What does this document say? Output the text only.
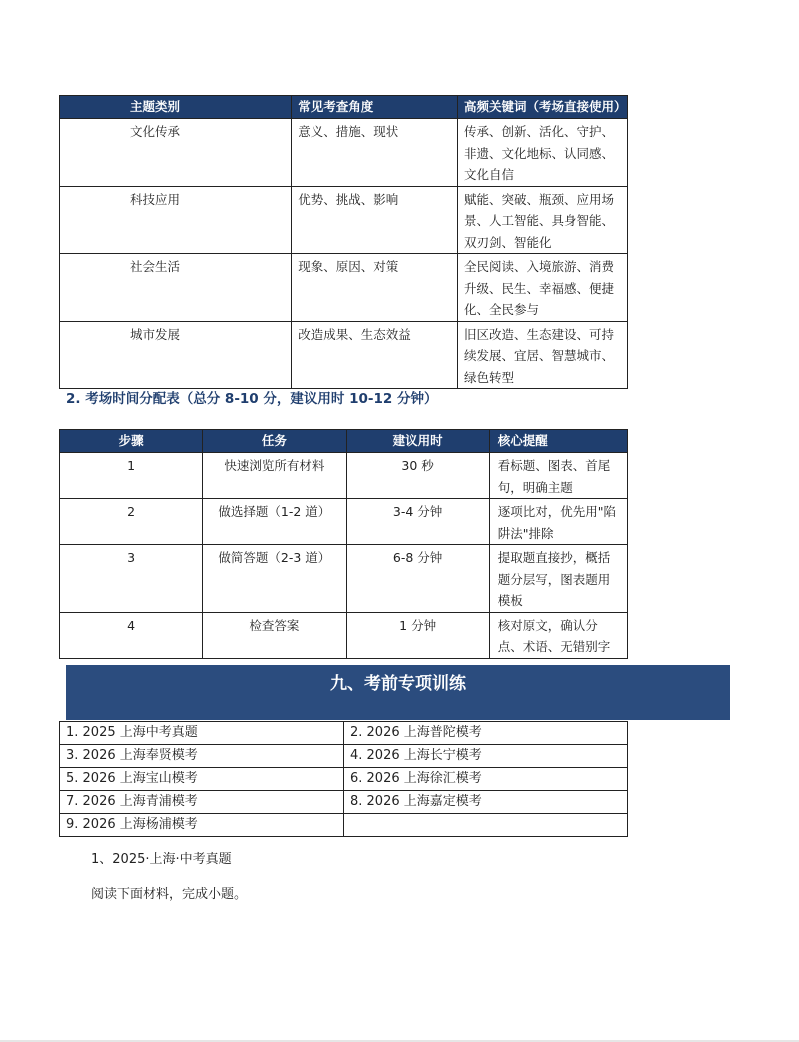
主题类别	常见考查角度	高频关键词（考场直接使用）
文化传承	意义、措施、现状	传承、创新、活化、守护、非遗、文化地标、认同感、文化自信
科技应用	优势、挑战、影响	赋能、突破、瓶颈、应用场景、人工智能、具身智能、双刃剑、智能化
社会生活	现象、原因、对策	全民阅读、入境旅游、消费升级、民生、幸福感、便捷化、全民参与
城市发展	改造成果、生态效益	旧区改造、生态建设、可持续发展、宜居、智慧城市、绿色转型
2. 考场时间分配表（总分 8-10 分，建议用时 10-12 分钟）
步骤	任务	建议用时	核心提醒
1	快速浏览所有材料	30 秒	看标题、图表、首尾句，明确主题
2	做选择题（1-2 道）	3-4 分钟	逐项比对，优先用"陷阱法"排除
3	做简答题（2-3 道）	6-8 分钟	提取题直接抄，概括题分层写，图表题用模板
4	检查答案	1 分钟	核对原文，确认分点、术语、无错别字
九、考前专项训练
1. 2025 上海中考真题	2. 2026 上海普陀模考
3. 2026 上海奉贤模考	4. 2026 上海长宁模考
5. 2026 上海宝山模考	6. 2026 上海徐汇模考
7. 2026 上海青浦模考	8. 2026 上海嘉定模考
9. 2026 上海杨浦模考	
1、2025·上海·中考真题
阅读下面材料，完成小题。
